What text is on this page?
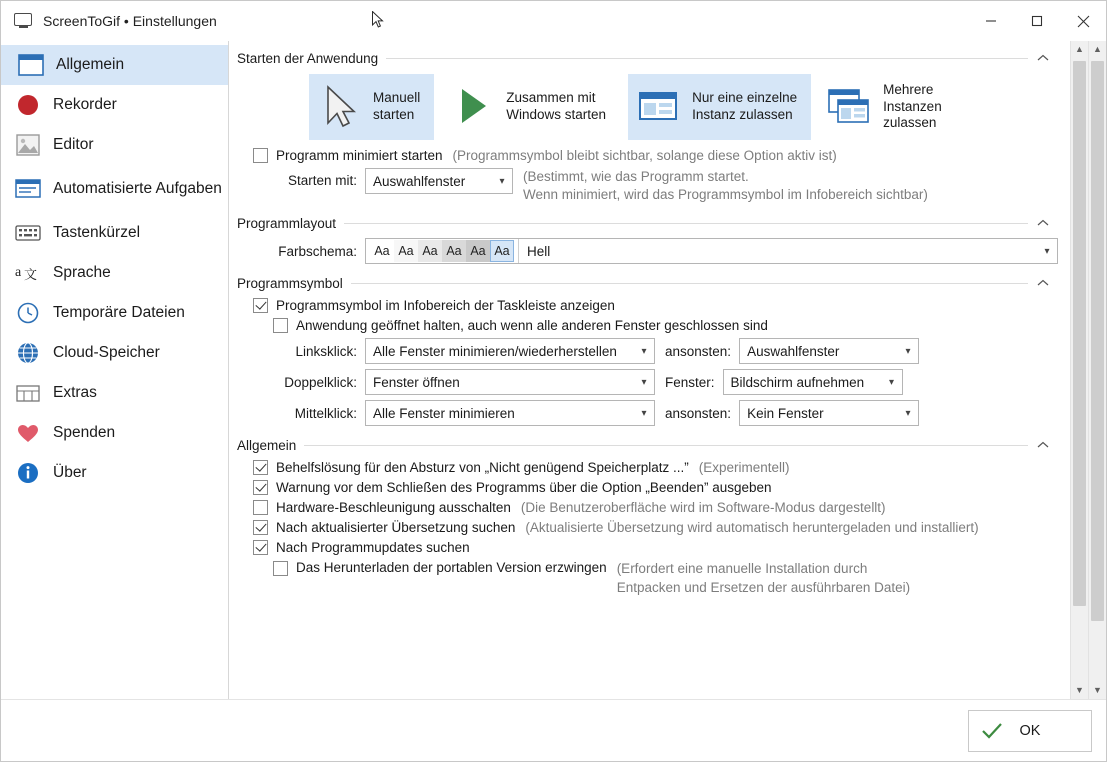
ScreenToGif • Einstellungen
Allgemein
Rekorder
Editor
Automatisierte Aufgaben
Tastenkürzel
a 文 Sprache
Temporäre Dateien
Cloud-Speicher
Extras
Spenden
Über
Starten der Anwendung
Manuell
starten
Zusammen mit
Windows starten
Nur eine einzelne
Instanz zulassen
Mehrere
Instanzen
zulassen
Programm minimiert starten (Programmsymbol bleibt sichtbar, solange diese Option aktiv ist)
Starten mit: Auswahlfenster	▾	(Bestimmt, wie das Programm startet.
Wenn minimiert, wird das Programmsymbol im Infobereich sichtbar)
Programmlayout
Farbschema:	Aa Aa Aa Aa Aa Aa	Hell	▾
Programmsymbol
Programmsymbol im Infobereich der Taskleiste anzeigen
Anwendung geöffnet halten, auch wenn alle anderen Fenster geschlossen sind
Linksklick: Alle Fenster minimieren/wiederherstellen	▾	ansonsten: Auswahlfenster	▾
Doppelklick: Fenster öffnen	▾	Fenster: Bildschirm aufnehmen	▾
Mittelklick: Alle Fenster minimieren	▾	ansonsten: Kein Fenster	▾
Allgemein
Behelfslösung für den Absturz von „Nicht genügend Speicherplatz ...” (Experimentell)
Warnung vor dem Schließen des Programms über die Option „Beenden” ausgeben
Hardware-Beschleunigung ausschalten (Die Benutzeroberfläche wird im Software-Modus dargestellt)
Nach aktualisierter Übersetzung suchen (Aktualisierte Übersetzung wird automatisch heruntergeladen und installiert)
Nach Programmupdates suchen
Das Herunterladen der portablen Version erzwingen (Erfordert eine manuelle Installation durch
Entpacken und Ersetzen der ausführbaren Datei)
▲
▼
▲
▼
OK
